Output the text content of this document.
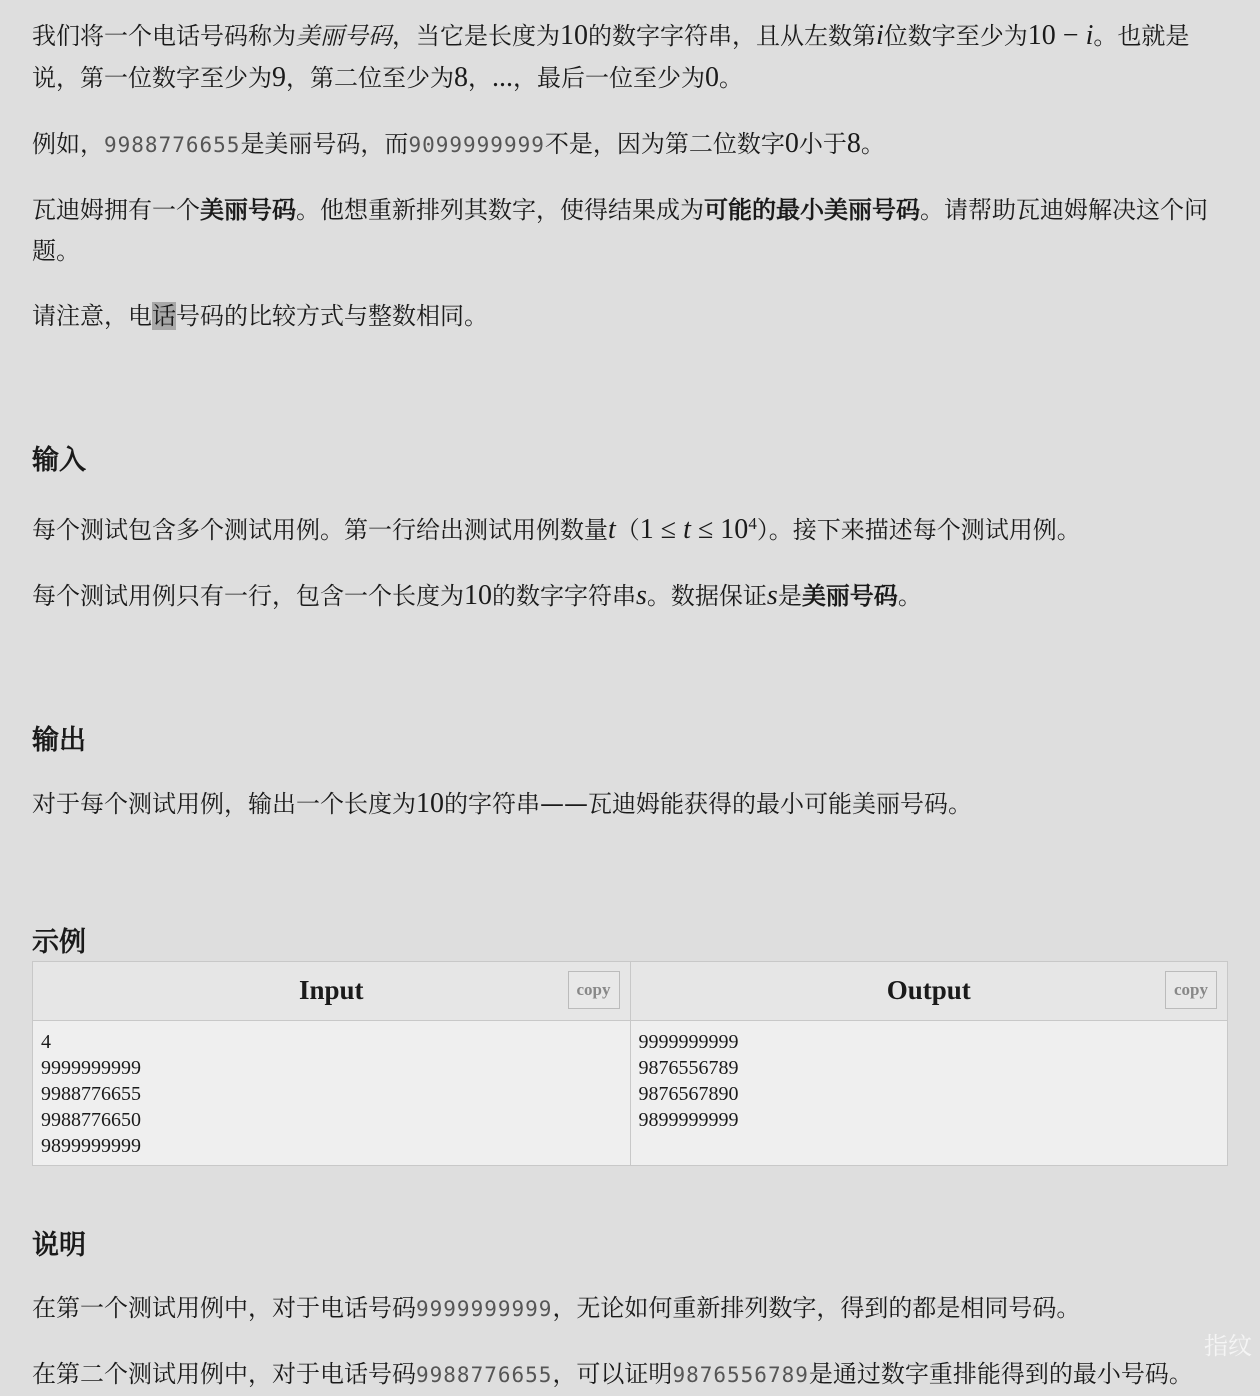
我们将一个电话号码称为美丽号码，当它是长度为10的数字字符串，且从左数第i位数字至少为10 − i。也就是说，第一位数字至少为9，第二位至少为8，...，最后一位至少为0。

例如，9988776655是美丽号码，而9099999999不是，因为第二位数字0小于8。

瓦迪姆拥有一个美丽号码。他想重新排列其数字，使得结果成为可能的最小美丽号码。请帮助瓦迪姆解决这个问题。

请注意，电话号码的比较方式与整数相同。

输入

每个测试包含多个测试用例。第一行给出测试用例数量$t(1 \le t \le 10^4)$。接下来描述每个测试用例。

每个测试用例只有一行，包含一个长度为10的数字字符串s。数据保证s是美丽号码。

输出

对于每个测试用例，输出一个长度为10的字符串——瓦迪姆能获得的最小可能美丽号码。

示例
Input	copy
4
9999999999
9988776655
9988776650
9899999999
Output	copy
9999999999
9876556789
9876567890
9899999999
说明

在第一个测试用例中，对于电话号码9999999999，无论如何重新排列数字，得到的都是相同号码。

在第二个测试用例中，对于电话号码9988776655，可以证明9876556789是通过数字重排能得到的最小号码。

指纹
